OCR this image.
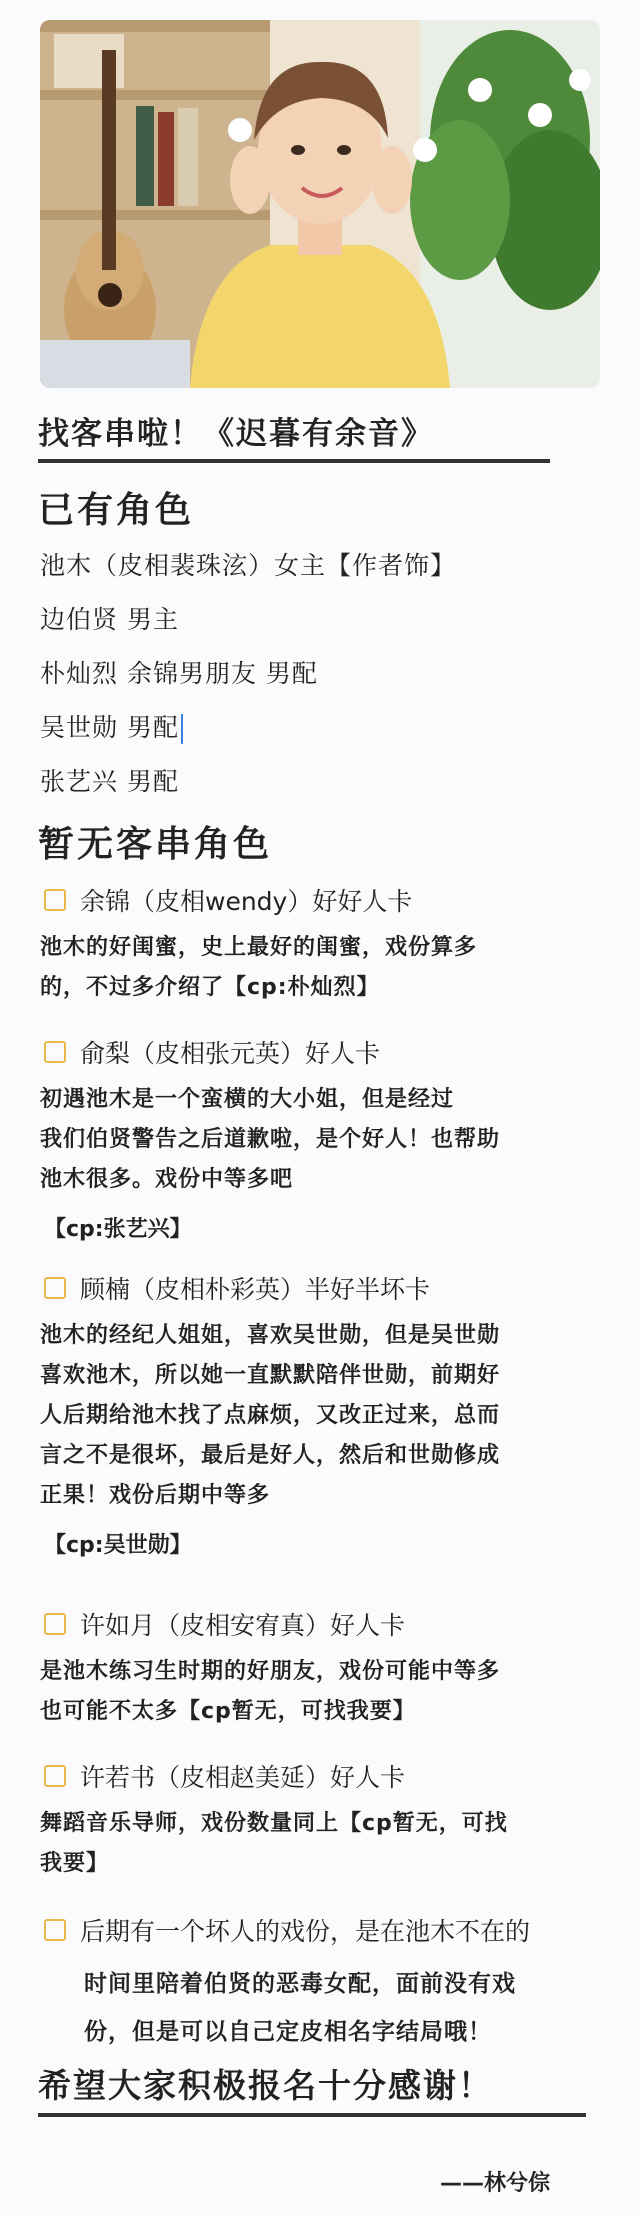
找客串啦！《迟暮有余音》
已有角色
池木（皮相裴珠泫）女主【作者饰】
边伯贤 男主
朴灿烈 余锦男朋友 男配
吴世勋 男配
张艺兴 男配
暂无客串角色
余锦（皮相wendy）好好人卡
池木的好闺蜜，史上最好的闺蜜，戏份算多
的，不过多介绍了【cp:朴灿烈】
俞梨（皮相张元英）好人卡
初遇池木是一个蛮横的大小姐，但是经过
我们伯贤警告之后道歉啦，是个好人！也帮助
池木很多。戏份中等多吧
【cp:张艺兴】
顾楠（皮相朴彩英）半好半坏卡
池木的经纪人姐姐，喜欢吴世勋，但是吴世勋
喜欢池木，所以她一直默默陪伴世勋，前期好
人后期给池木找了点麻烦，又改正过来，总而
言之不是很坏，最后是好人，然后和世勋修成
正果！戏份后期中等多
【cp:吴世勋】
许如月（皮相安宥真）好人卡
是池木练习生时期的好朋友，戏份可能中等多
也可能不太多【cp暂无，可找我要】
许若书（皮相赵美延）好人卡
舞蹈音乐导师，戏份数量同上【cp暂无，可找
我要】
后期有一个坏人的戏份，是在池木不在的
时间里陪着伯贤的恶毒女配，面前没有戏
份，但是可以自己定皮相名字结局哦！
希望大家积极报名十分感谢！
——林兮倧
